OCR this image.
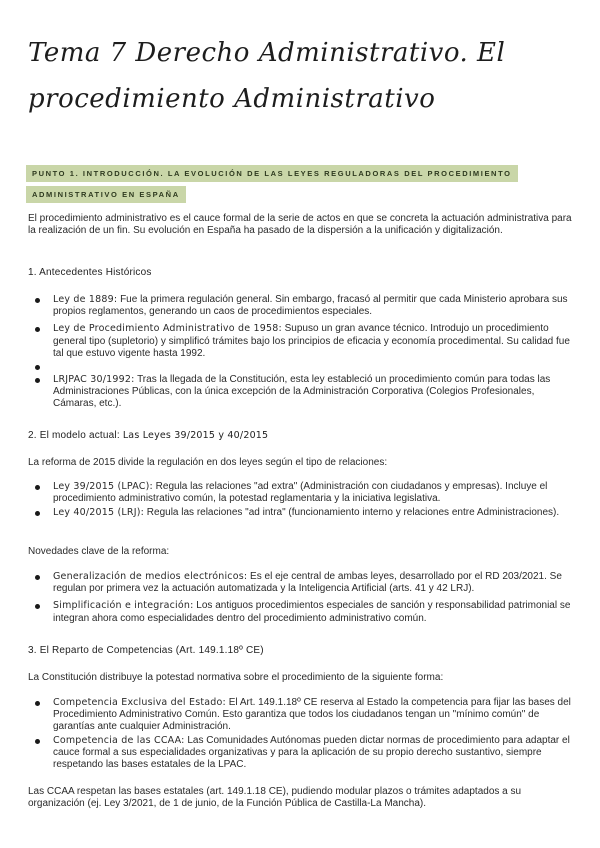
Tema 7 Derecho Administrativo. El procedimiento Administrativo
PUNTO 1. INTRODUCCIÓN. LA EVOLUCIÓN DE LAS LEYES REGULADORAS DEL PROCEDIMIENTO ADMINISTRATIVO EN ESPAÑA
El procedimiento administrativo es el cauce formal de la serie de actos en que se concreta la actuación administrativa para la realización de un fin. Su evolución en España ha pasado de la dispersión a la unificación y digitalización.
1. Antecedentes Históricos
Ley de 1889: Fue la primera regulación general. Sin embargo, fracasó al permitir que cada Ministerio aprobara sus propios reglamentos, generando un caos de procedimientos especiales.
Ley de Procedimiento Administrativo de 1958: Supuso un gran avance técnico. Introdujo un procedimiento general tipo (supletorio) y simplificó trámites bajo los principios de eficacia y economía procedimental. Su calidad fue tal que estuvo vigente hasta 1992.
LRJPAC 30/1992: Tras la llegada de la Constitución, esta ley estableció un procedimiento común para todas las Administraciones Públicas, con la única excepción de la Administración Corporativa (Colegios Profesionales, Cámaras, etc.).
2. El modelo actual: Las Leyes 39/2015 y 40/2015
La reforma de 2015 divide la regulación en dos leyes según el tipo de relaciones:
Ley 39/2015 (LPAC): Regula las relaciones "ad extra" (Administración con ciudadanos y empresas). Incluye el procedimiento administrativo común, la potestad reglamentaria y la iniciativa legislativa.
Ley 40/2015 (LRJ): Regula las relaciones "ad intra" (funcionamiento interno y relaciones entre Administraciones).
Novedades clave de la reforma:
Generalización de medios electrónicos: Es el eje central de ambas leyes, desarrollado por el RD 203/2021. Se regulan por primera vez la actuación automatizada y la Inteligencia Artificial (arts. 41 y 42 LRJ).
Simplificación e integración: Los antiguos procedimientos especiales de sanción y responsabilidad patrimonial se integran ahora como especialidades dentro del procedimiento administrativo común.
3. El Reparto de Competencias (Art. 149.1.18º CE)
La Constitución distribuye la potestad normativa sobre el procedimiento de la siguiente forma:
Competencia Exclusiva del Estado: El Art. 149.1.18º CE reserva al Estado la competencia para fijar las bases del Procedimiento Administrativo Común. Esto garantiza que todos los ciudadanos tengan un "mínimo común" de garantías ante cualquier Administración.
Competencia de las CCAA: Las Comunidades Autónomas pueden dictar normas de procedimiento para adaptar el cauce formal a sus especialidades organizativas y para la aplicación de su propio derecho sustantivo, siempre respetando las bases estatales de la LPAC.
Las CCAA respetan las bases estatales (art. 149.1.18 CE), pudiendo modular plazos o trámites adaptados a su organización (ej. Ley 3/2021, de 1 de junio, de la Función Pública de Castilla-La Mancha).
